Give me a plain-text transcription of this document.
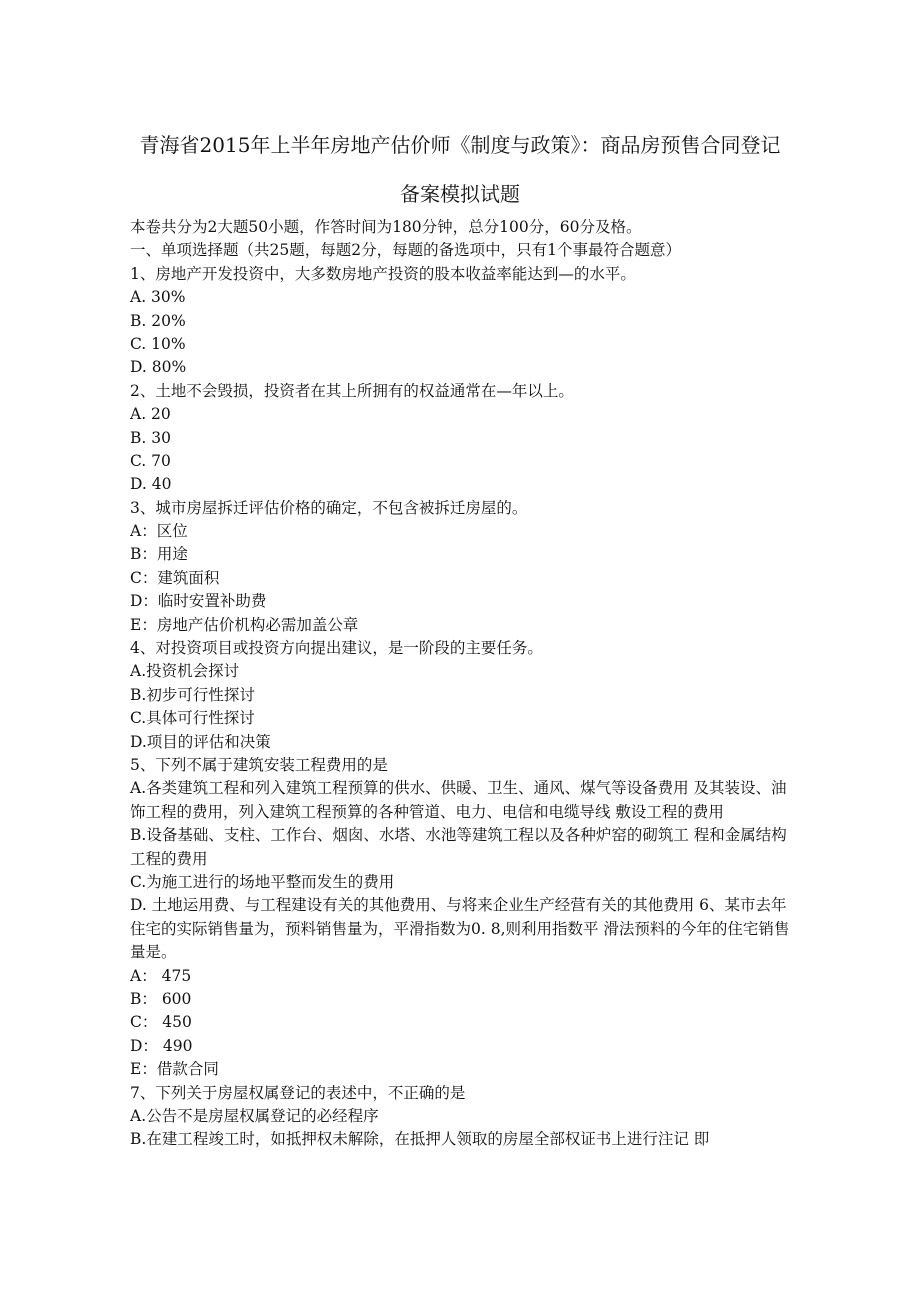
青海省2015年上半年房地产估价师《制度与政策》：商品房预售合同登记
备案模拟试题
本卷共分为2大题50小题，作答时间为180分钟，总分100分，60分及格。
一、单项选择题（共25题，每题2分，每题的备选项中，只有1个事最符合题意）
1、房地产开发投资中，大多数房地产投资的股本收益率能达到—的水平。
A. 30%
B. 20%
C. 10%
D. 80%
2、土地不会毁损，投资者在其上所拥有的权益通常在—年以上。
A. 20
B. 30
C. 70
D. 40
3、城市房屋拆迁评估价格的确定，不包含被拆迁房屋的。
A：区位
B：用途
C：建筑面积
D：临时安置补助费
E：房地产估价机构必需加盖公章
4、对投资项目或投资方向提出建议，是一阶段的主要任务。
A.投资机会探讨
B.初步可行性探讨
C.具体可行性探讨
D.项目的评估和决策
5、下列不属于建筑安装工程费用的是
A.各类建筑工程和列入建筑工程预算的供水、供暖、卫生、通风、煤气等设备费用 及其装设、油饰工程的费用，列入建筑工程预算的各种管道、电力、电信和电缆导线 敷设工程的费用
B.设备基础、支柱、工作台、烟囱、水塔、水池等建筑工程以及各种炉窑的砌筑工 程和金属结构工程的费用
C.为施工进行的场地平整而发生的费用
D. 土地运用费、与工程建设有关的其他费用、与将来企业生产经营有关的其他费用 6、某市去年住宅的实际销售量为，预料销售量为，平滑指数为0. 8,则利用指数平 滑法预料的今年的住宅销售量是。
A： 475
B： 600
C： 450
D： 490
E：借款合同
7、下列关于房屋权属登记的表述中，不正确的是
A.公告不是房屋权属登记的必经程序
B.在建工程竣工时，如抵押权未解除，在抵押人领取的房屋全部权证书上进行注记 即
